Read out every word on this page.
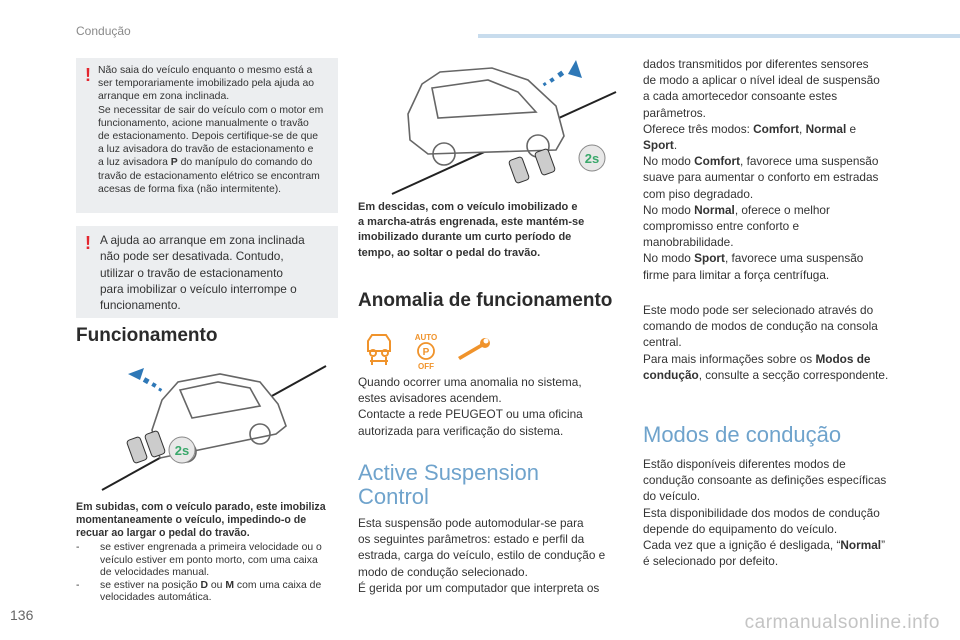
Condução
! Não saia do veículo enquanto o mesmo está a
ser temporariamente imobilizado pela ajuda ao
arranque em zona inclinada.
Se necessitar de sair do veículo com o motor em
funcionamento, acione manualmente o travão
de estacionamento. Depois certifique-se de que
a luz avisadora do travão de estacionamento e
a luz avisadora P do manípulo do comando do
travão de estacionamento elétrico se encontram
acesas de forma fixa (não intermitente).
! A ajuda ao arranque em zona inclinada
não pode ser desativada. Contudo,
utilizar o travão de estacionamento
para imobilizar o veículo interrompe o
funcionamento.
Funcionamento
2s
Em subidas, com o veículo parado, este imobiliza
momentaneamente o veículo, impedindo-o de
recuar ao largar o pedal do travão.
- se estiver engrenada a primeira velocidade ou o
veículo estiver em ponto morto, com uma caixa
de velocidades manual.
- se estiver na posição D ou M com uma caixa de
velocidades automática.
2s
Em descidas, com o veículo imobilizado e
a marcha-atrás engrenada, este mantém-se
imobilizado durante um curto período de
tempo, ao soltar o pedal do travão.
Anomalia de funcionamento
AUTO
P
OFF
Quando ocorrer uma anomalia no sistema,
estes avisadores acendem.
Contacte a rede PEUGEOT ou uma oficina
autorizada para verificação do sistema.
Active Suspension
Control
Esta suspensão pode automodular-se para
os seguintes parâmetros: estado e perfil da
estrada, carga do veículo, estilo de condução e
modo de condução selecionado.
É gerida por um computador que interpreta os
dados transmitidos por diferentes sensores
de modo a aplicar o nível ideal de suspensão
a cada amortecedor consoante estes
parâmetros.
Oferece três modos: Comfort, Normal e
Sport.
No modo Comfort, favorece uma suspensão
suave para aumentar o conforto em estradas
com piso degradado.
No modo Normal, oferece o melhor
compromisso entre conforto e
manobrabilidade.
No modo Sport, favorece uma suspensão
firme para limitar a força centrífuga.
Este modo pode ser selecionado através do
comando de modos de condução na consola
central.
Para mais informações sobre os Modos de
condução, consulte a secção correspondente.
Modos de condução
Estão disponíveis diferentes modos de
condução consoante as definições específicas
do veículo.
Esta disponibilidade dos modos de condução
depende do equipamento do veículo.
Cada vez que a ignição é desligada, “Normal”
é selecionado por defeito.
136	carmanualsonline.info
